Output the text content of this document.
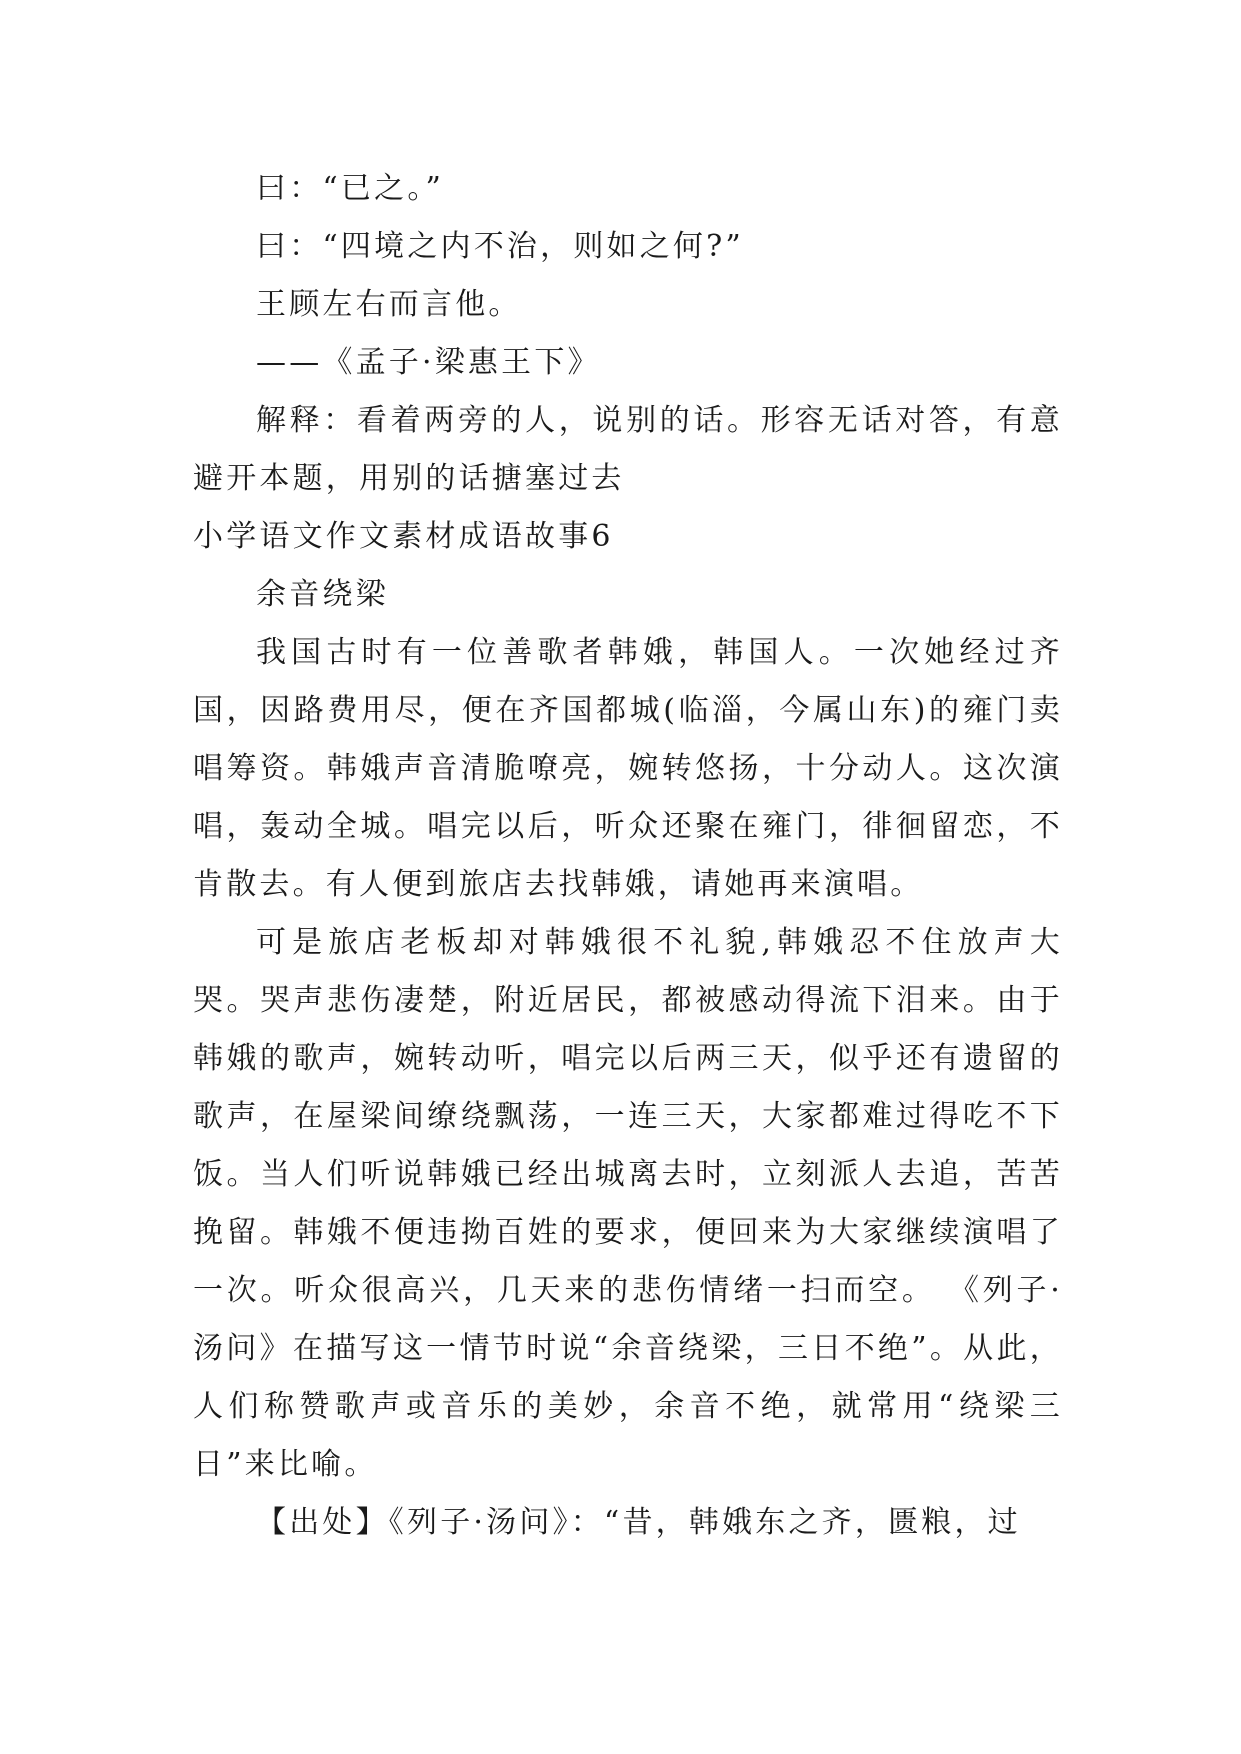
曰：“已之。”

曰：“四境之内不治，则如之何?”

王顾左右而言他。

——《孟子·梁惠王下》

解释：看着两旁的人，说别的话。形容无话对答，有意避开本题，用别的话搪塞过去

小学语文作文素材成语故事6

余音绕梁

我国古时有一位善歌者韩娥，韩国人。一次她经过齐国，因路费用尽，便在齐国都城(临淄，今属山东)的雍门卖唱筹资。韩娥声音清脆嘹亮，婉转悠扬，十分动人。这次演唱，轰动全城。唱完以后，听众还聚在雍门，徘徊留恋，不肯散去。有人便到旅店去找韩娥，请她再来演唱。

可是旅店老板却对韩娥很不礼貌,韩娥忍不住放声大哭。哭声悲伤凄楚，附近居民，都被感动得流下泪来。由于韩娥的歌声，婉转动听，唱完以后两三天，似乎还有遗留的歌声，在屋梁间缭绕飘荡，一连三天，大家都难过得吃不下饭。当人们听说韩娥已经出城离去时，立刻派人去追，苦苦挽留。韩娥不便违拗百姓的要求，便回来为大家继续演唱了一次。听众很高兴，几天来的悲伤情绪一扫而空。 《列子·汤问》在描写这一情节时说“余音绕梁，三日不绝”。从此，人们称赞歌声或音乐的美妙，余音不绝，就常用“绕梁三日”来比喻。

【出处】《列子·汤问》：“昔，韩娥东之齐，匮粮，过
